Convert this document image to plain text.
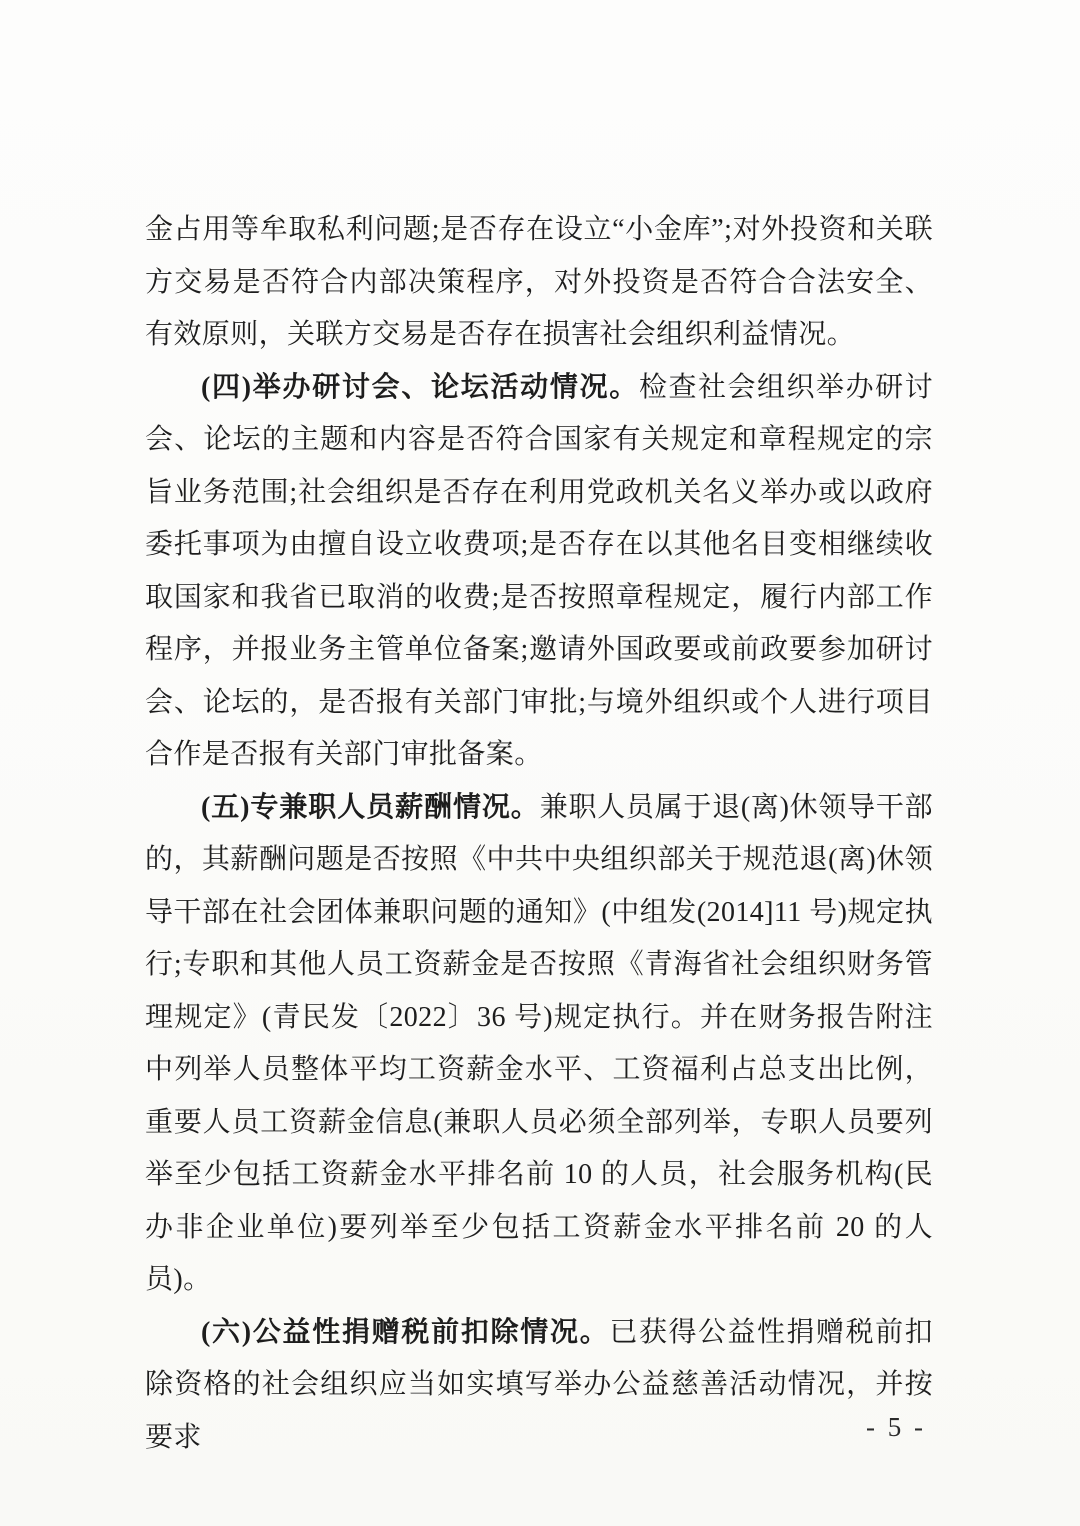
金占用等牟取私利问题;是否存在设立“小金库”;对外投资和关联方交易是否符合内部决策程序，对外投资是否符合合法安全、有效原则，关联方交易是否存在损害社会组织利益情况。

(四)举办研讨会、论坛活动情况。检查社会组织举办研讨会、论坛的主题和内容是否符合国家有关规定和章程规定的宗旨业务范围;社会组织是否存在利用党政机关名义举办或以政府委托事项为由擅自设立收费项;是否存在以其他名目变相继续收取国家和我省已取消的收费;是否按照章程规定，履行内部工作程序，并报业务主管单位备案;邀请外国政要或前政要参加研讨会、论坛的，是否报有关部门审批;与境外组织或个人进行项目合作是否报有关部门审批备案。

(五)专兼职人员薪酬情况。兼职人员属于退(离)休领导干部的，其薪酬问题是否按照《中共中央组织部关于规范退(离)休领导干部在社会团体兼职问题的通知》(中组发(2014]11 号)规定执行;专职和其他人员工资薪金是否按照《青海省社会组织财务管理规定》(青民发〔2022〕36 号)规定执行。并在财务报告附注中列举人员整体平均工资薪金水平、工资福利占总支出比例，重要人员工资薪金信息(兼职人员必须全部列举，专职人员要列举至少包括工资薪金水平排名前 10 的人员，社会服务机构(民办非企业单位)要列举至少包括工资薪金水平排名前 20 的人员)。

(六)公益性捐赠税前扣除情况。已获得公益性捐赠税前扣除资格的社会组织应当如实填写举办公益慈善活动情况，并按要求	- 5 -
